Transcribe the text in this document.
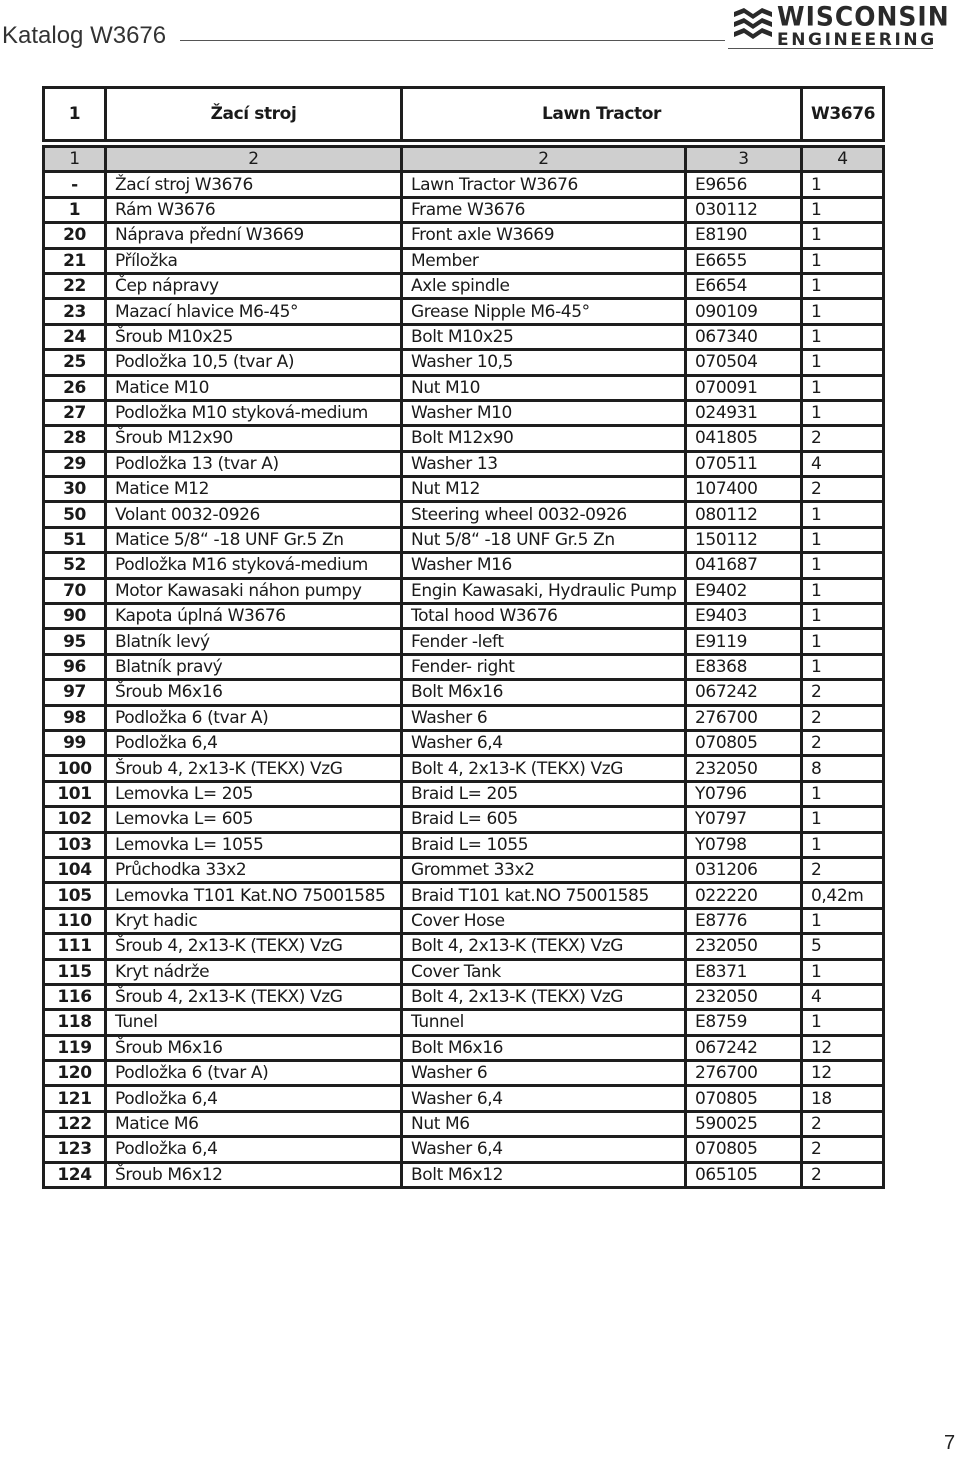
Katalog W3676
WISCONSIN
ENGINEERING
1	Žací stroj	Lawn Tractor		W3676

1	2	2	3	4
-	Žací stroj W3676	Lawn Tractor W3676	E9656	1
1	Rám W3676	Frame W3676	030112	1
20	Náprava přední W3669	Front axle W3669	E8190	1
21	Příložka	Member	E6655	1
22	Čep nápravy	Axle spindle	E6654	1
23	Mazací hlavice M6-45°	Grease Nipple M6-45°	090109	1
24	Šroub M10x25	Bolt M10x25	067340	1
25	Podložka 10,5 (tvar A)	Washer 10,5	070504	1
26	Matice M10	Nut M10	070091	1
27	Podložka M10 styková-medium	Washer M10	024931	1
28	Šroub M12x90	Bolt M12x90	041805	2
29	Podložka 13 (tvar A)	Washer 13	070511	4
30	Matice M12	Nut M12	107400	2
50	Volant 0032-0926	Steering wheel 0032-0926	080112	1
51	Matice 5/8“ -18 UNF Gr.5 Zn	Nut 5/8“ -18 UNF Gr.5 Zn	150112	1
52	Podložka M16 styková-medium	Washer M16	041687	1
70	Motor Kawasaki náhon pumpy	Engin Kawasaki, Hydraulic Pump	E9402	1
90	Kapota úplná W3676	Total hood W3676	E9403	1
95	Blatník levý	Fender -left	E9119	1
96	Blatník pravý	Fender- right	E8368	1
97	Šroub M6x16	Bolt M6x16	067242	2
98	Podložka 6 (tvar A)	Washer 6	276700	2
99	Podložka 6,4	Washer 6,4	070805	2
100	Šroub 4, 2x13-K (TEKX) VzG	Bolt 4, 2x13-K (TEKX) VzG	232050	8
101	Lemovka L= 205	Braid L= 205	Y0796	1
102	Lemovka L= 605	Braid L= 605	Y0797	1
103	Lemovka L= 1055	Braid L= 1055	Y0798	1
104	Průchodka 33x2	Grommet 33x2	031206	2
105	Lemovka T101 Kat.NO 75001585	Braid T101 kat.NO 75001585	022220	0,42m
110	Kryt hadic	Cover Hose	E8776	1
111	Šroub 4, 2x13-K (TEKX) VzG	Bolt 4, 2x13-K (TEKX) VzG	232050	5
115	Kryt nádrže	Cover Tank	E8371	1
116	Šroub 4, 2x13-K (TEKX) VzG	Bolt 4, 2x13-K (TEKX) VzG	232050	4
118	Tunel	Tunnel	E8759	1
119	Šroub M6x16	Bolt M6x16	067242	12
120	Podložka 6 (tvar A)	Washer 6	276700	12
121	Podložka 6,4	Washer 6,4	070805	18
122	Matice M6	Nut M6	590025	2
123	Podložka 6,4	Washer 6,4	070805	2
124	Šroub M6x12	Bolt M6x12	065105	2
7
